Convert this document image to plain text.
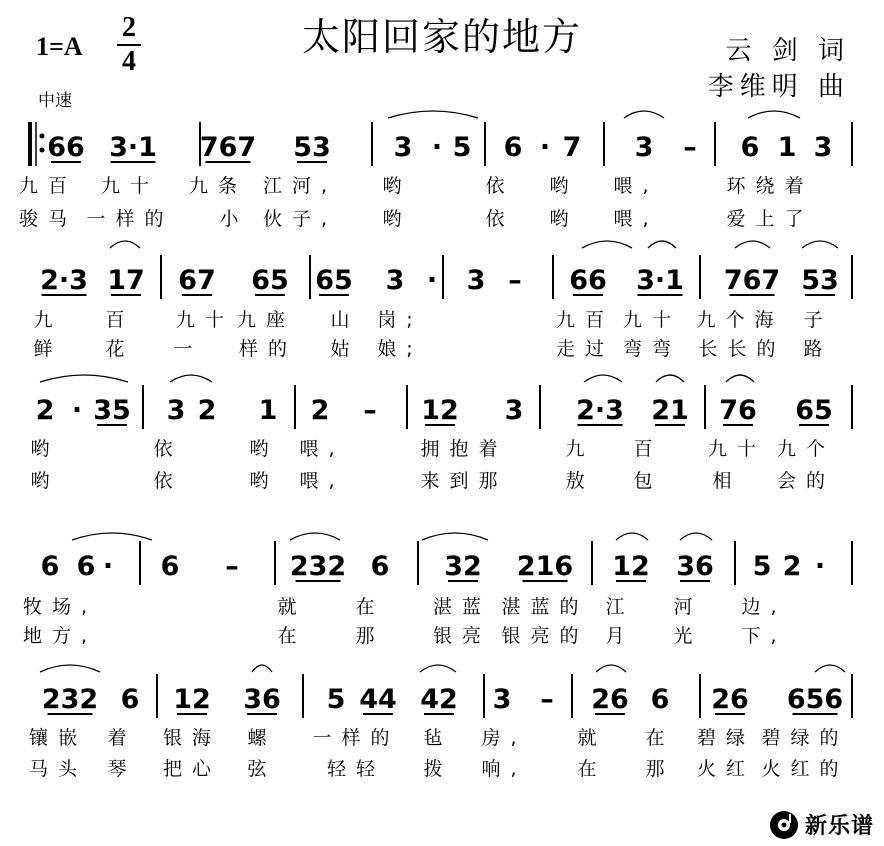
太阳回家的地方
1=A
2
4	云 剑 词
李维明 曲
中速
66 3·1 767 53 3 · 5 6 · 7 3 – 6 1 3
九百 九十 九条 江河, 哟	依 哟 喂,	环绕着
骏马 一样的 小 伙子, 哟	依 哟 喂,	爱上了
2·3 17 67 65 65 3 · 3 – 66 3·1 767 53
九 百 九十 九座 山 岗;	九百 九十 九个海 子
鲜 花 一 样的 姑 娘;	走过 弯弯 长长的 路
2 · 35 3 2 1 2 – 12 3 2·3 21 76 65
哟	依	哟 喂,	拥抱着	九 百 九十 九个
哟	依	哟 喂,	来到那	敖 包	相 会的
6 6 · 6 – 232 6 32 216 12 36 5 2 ·
牧场,	就	在	湛蓝 湛蓝的 江 河 边,
地方,	在	那	银亮 银亮的 月 光 下,
232 6 12 36 5 44 42 3 – 26 6 26 656
镶嵌 着 银海 螺 一样的 毡 房,	就 在 碧绿 碧绿的
马头 琴 把心 弦	轻轻 拨 响,	在 那 火红 火红的
新乐谱
